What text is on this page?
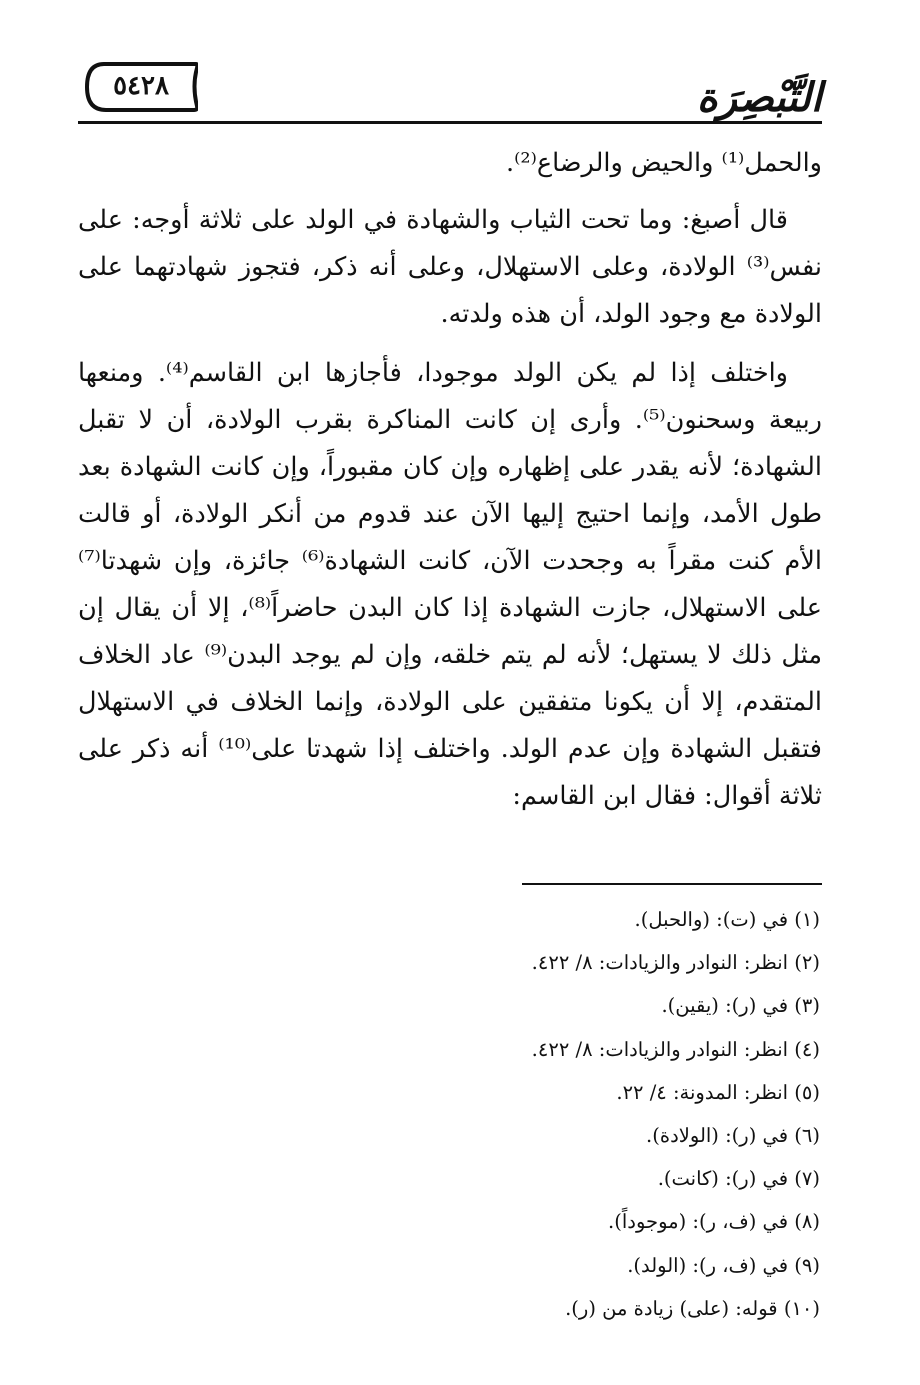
٥٤٢٨	التَّبْصِرَة

والحمل⁽¹⁾ والحيض والرضاع⁽²⁾.

قال أصبغ: وما تحت الثياب والشهادة في الولد على ثلاثة أوجه: على نفس⁽³⁾ الولادة، وعلى الاستهلال، وعلى أنه ذكر، فتجوز شهادتهما على الولادة مع وجود الولد، أن هذه ولدته.

واختلف إذا لم يكن الولد موجودا، فأجازها ابن القاسم⁽⁴⁾. ومنعها ربيعة وسحنون⁽⁵⁾. وأرى إن كانت المناكرة بقرب الولادة، أن لا تقبل الشهادة؛ لأنه يقدر على إظهاره وإن كان مقبوراً، وإن كانت الشهادة بعد طول الأمد، وإنما احتيج إليها الآن عند قدوم من أنكر الولادة، أو قالت الأم كنت مقراً به وجحدت الآن، كانت الشهادة⁽⁶⁾ جائزة، وإن شهدتا⁽⁷⁾ على الاستهلال، جازت الشهادة إذا كان البدن حاضراً⁽⁸⁾، إلا أن يقال إن مثل ذلك لا يستهل؛ لأنه لم يتم خلقه، وإن لم يوجد البدن⁽⁹⁾ عاد الخلاف المتقدم، إلا أن يكونا متفقين على الولادة، وإنما الخلاف في الاستهلال فتقبل الشهادة وإن عدم الولد. واختلف إذا شهدتا على⁽¹⁰⁾ أنه ذكر على ثلاثة أقوال: فقال ابن القاسم:

(١) في (ت): (والحبل).

(٢) انظر: النوادر والزيادات: ٨/ ٤٢٢.

(٣) في (ر): (يقين).

(٤) انظر: النوادر والزيادات: ٨/ ٤٢٢.

(٥) انظر: المدونة: ٤/ ٢٢.

(٦) في (ر): (الولادة).

(٧) في (ر): (كانت).

(٨) في (ف، ر): (موجوداً).

(٩) في (ف، ر): (الولد).

(١٠) قوله: (على) زيادة من (ر).
